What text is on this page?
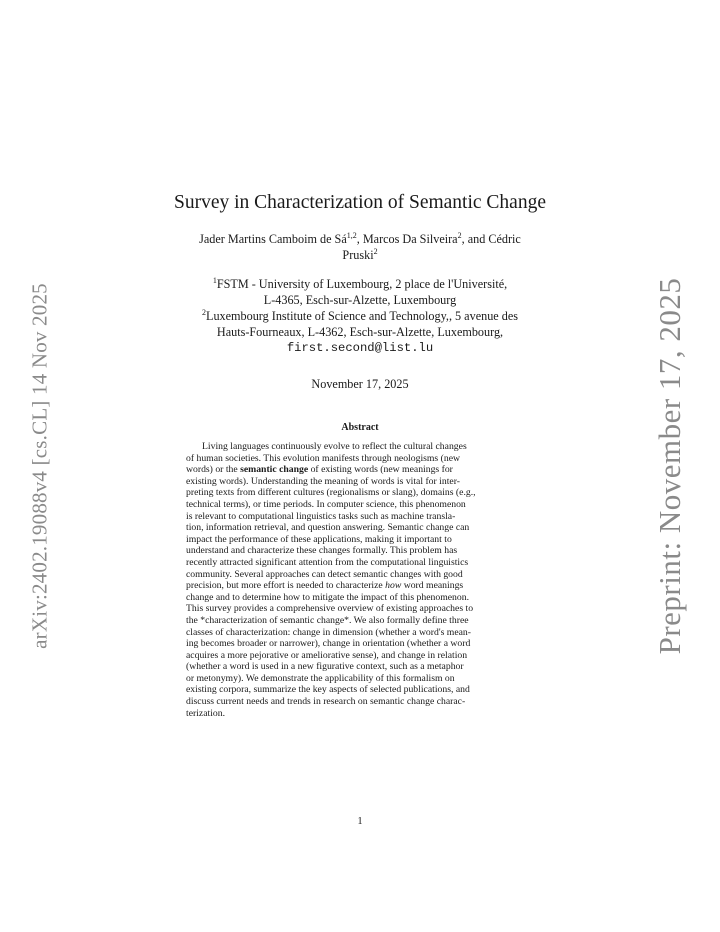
arXiv:2402.19088v4 [cs.CL] 14 Nov 2025	Preprint: November 17, 2025
Survey in Characterization of Semantic Change
Jader Martins Camboim de Sá$^{1,2}$, Marcos Da Silveira$^2$, and Cédric
Pruski$^2$
$^1$FSTM - University of Luxembourg, 2 place de l'Université,
L-4365, Esch-sur-Alzette, Luxembourg
$^2$Luxembourg Institute of Science and Technology,, 5 avenue des
Hauts-Fourneaux, L-4362, Esch-sur-Alzette, Luxembourg,
first.second@list.lu
November 17, 2025
Abstract
Living languages continuously evolve to reflect the cultural changes
of human societies. This evolution manifests through neologisms (new
words) or the semantic change of existing words (new meanings for
existing words). Understanding the meaning of words is vital for inter-
preting texts from different cultures (regionalisms or slang), domains (e.g.,
technical terms), or time periods. In computer science, this phenomenon
is relevant to computational linguistics tasks such as machine transla-
tion, information retrieval, and question answering. Semantic change can
impact the performance of these applications, making it important to
understand and characterize these changes formally. This problem has
recently attracted significant attention from the computational linguistics
community. Several approaches can detect semantic changes with good
precision, but more effort is needed to characterize how word meanings
change and to determine how to mitigate the impact of this phenomenon.
This survey provides a comprehensive overview of existing approaches to
the *characterization of semantic change*. We also formally define three
classes of characterization: change in dimension (whether a word's mean-
ing becomes broader or narrower), change in orientation (whether a word
acquires a more pejorative or ameliorative sense), and change in relation
(whether a word is used in a new figurative context, such as a metaphor
or metonymy). We demonstrate the applicability of this formalism on
existing corpora, summarize the key aspects of selected publications, and
discuss current needs and trends in research on semantic change charac-
terization.
1
